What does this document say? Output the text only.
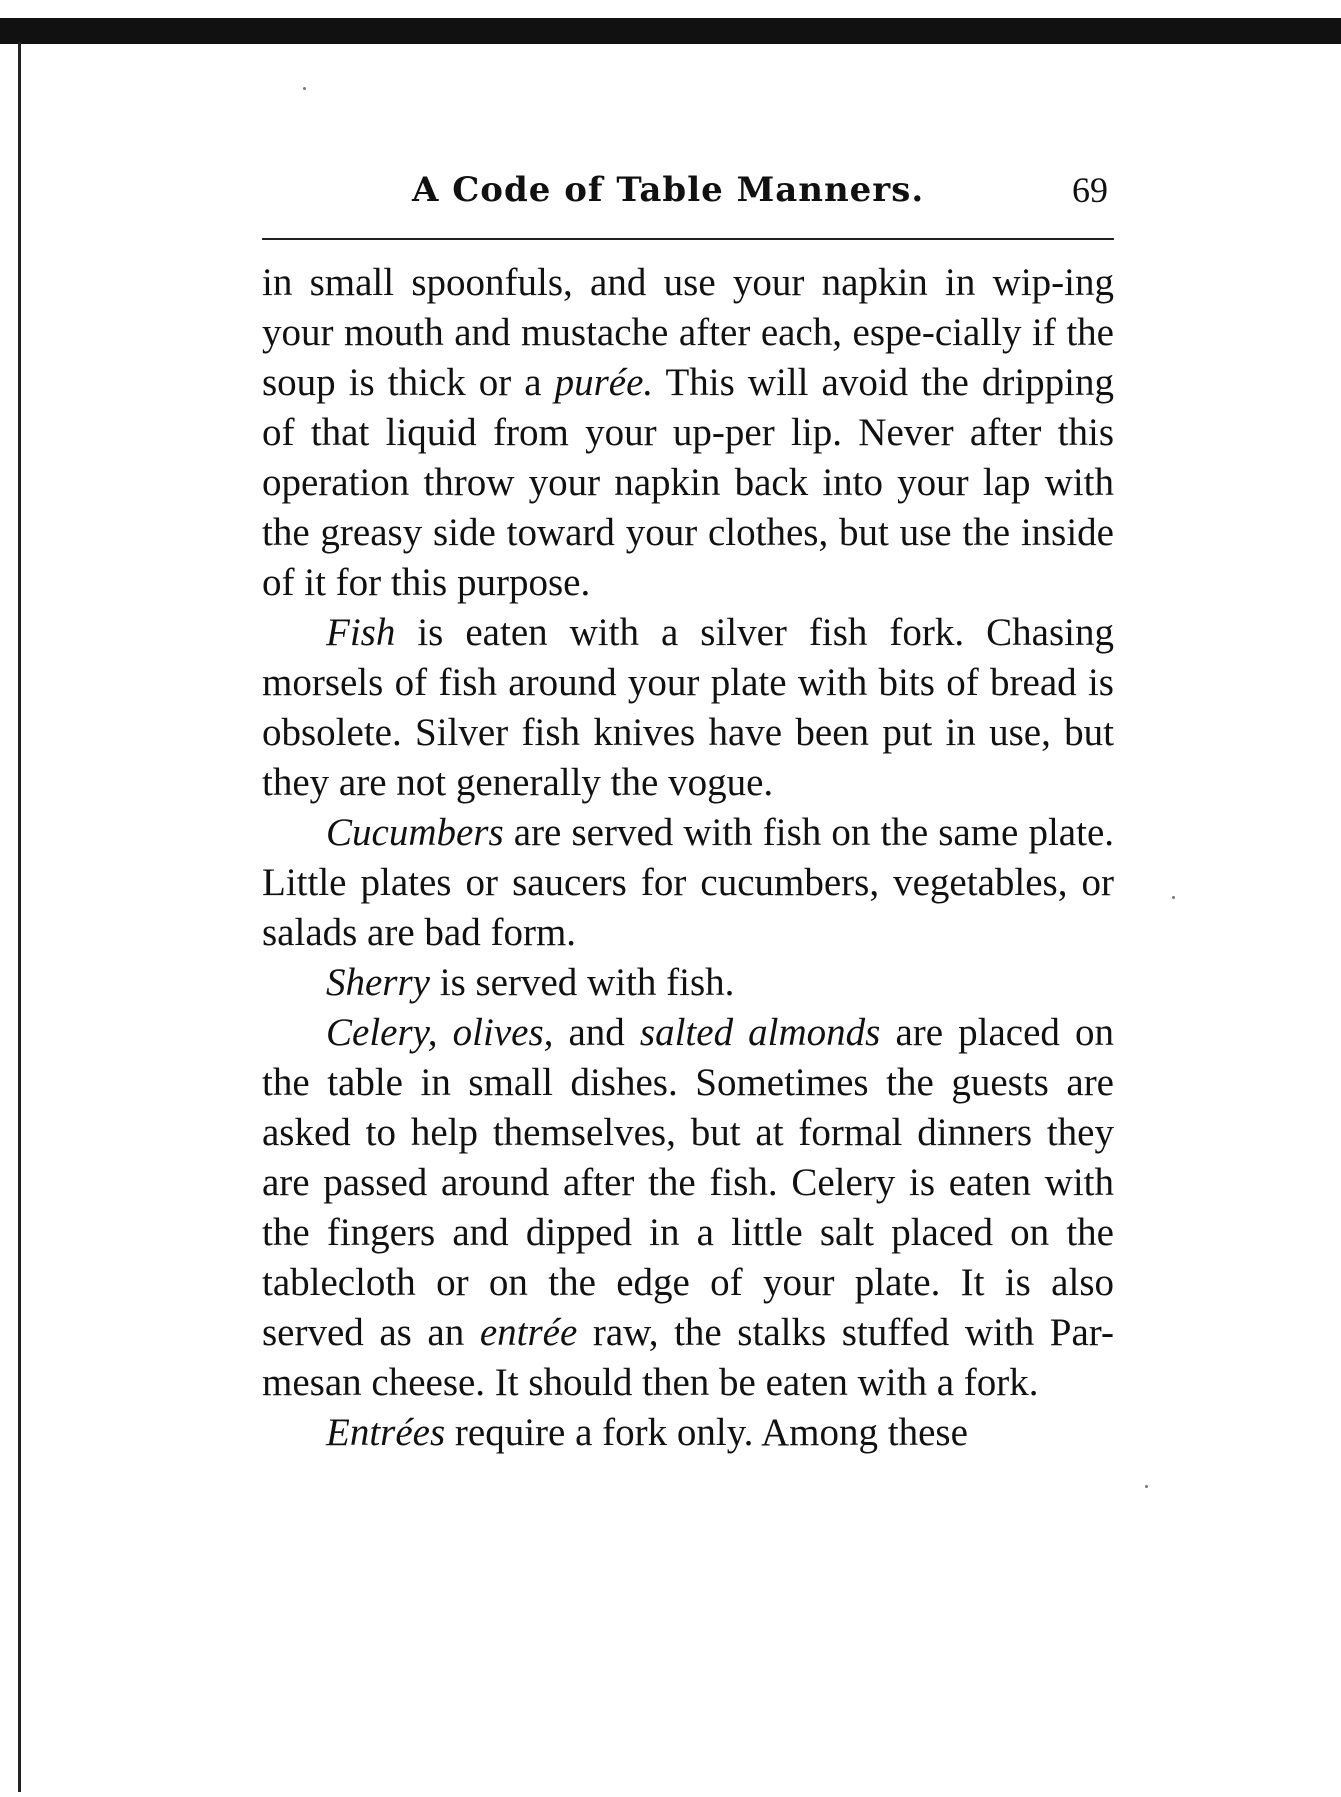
A Code of Table Manners.	69

in small spoonfuls, and use your napkin in wip-ing your mouth and mustache after each, espe-cially if the soup is thick or a purée. This will avoid the dripping of that liquid from your up-per lip. Never after this operation throw your napkin back into your lap with the greasy side toward your clothes, but use the inside of it for this purpose.

Fish is eaten with a silver fish fork. Chasing morsels of fish around your plate with bits of bread is obsolete. Silver fish knives have been put in use, but they are not generally the vogue.

Cucumbers are served with fish on the same plate. Little plates or saucers for cucumbers, vegetables, or salads are bad form.

Sherry is served with fish.

Celery, olives, and salted almonds are placed on the table in small dishes. Sometimes the guests are asked to help themselves, but at formal dinners they are passed around after the fish. Celery is eaten with the fingers and dipped in a little salt placed on the tablecloth or on the edge of your plate. It is also served as an entrée raw, the stalks stuffed with Par-mesan cheese. It should then be eaten with a fork.

Entrées require a fork only. Among these
